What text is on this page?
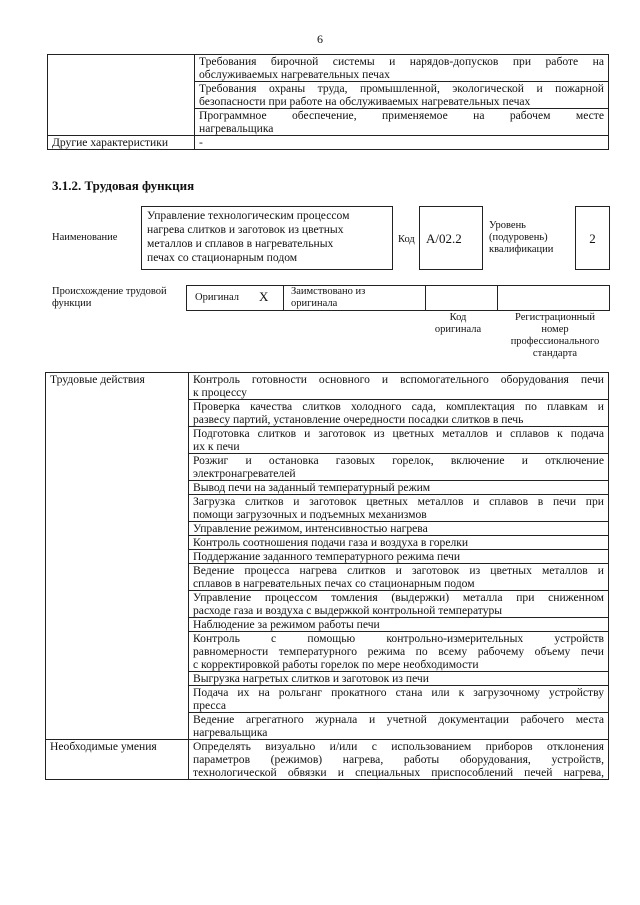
6

	Требования бирочной системы и нарядов-допусков при работе на
обслуживаемых нагревательных печах

	Требования охраны труда, промышленной, экологической и пожарной
безопасности при работе на обслуживаемых нагревательных печах

	Программное обеспечение, применяемое на рабочем месте
нагревальщика
Другие характеристики	-
3.1.2. Трудовая функция
Наименование
Управление технологическим процессом
нагрева слитков и заготовок из цветных
металлов и сплавов в нагревательных
печах со стационарным подом
Код A/02.2
Уровень
(подуровень)
квалификации
2
Происхождение трудовой
функции
Оригинал X Заимствовано из
оригинала
Код
оригинала
Регистрационный
номер
профессионального
стандарта
Трудовые действия	Контроль готовности основного и вспомогательного оборудования печи
к процессу

	Проверка качества слитков холодного сада, комплектация по плавкам и
развесу партий, установление очередности посадки слитков в печь

	Подготовка слитков и заготовок из цветных металлов и сплавов к подача
их к печи

	Розжиг и остановка газовых горелок, включение и отключение
электронагревателей
	Вывод печи на заданный температурный режим

	Загрузка слитков и заготовок цветных металлов и сплавов в печи при
помощи загрузочных и подъемных механизмов
	Управление режимом, интенсивностью нагрева
	Контроль соотношения подачи газа и воздуха в горелки
	Поддержание заданного температурного режима печи

	Ведение процесса нагрева слитков и заготовок из цветных металлов и
сплавов в нагревательных печах со стационарным подом

	Управление процессом томления (выдержки) металла при сниженном
расходе газа и воздуха с выдержкой контрольной температуры
	Наблюдение за режимом работы печи

	Контроль с помощью контрольно-измерительных устройств
равномерности температурного режима по всему рабочему объему печи
с корректировкой работы горелок по мере необходимости
	Выгрузка нагретых слитков и заготовок из печи

	Подача их на рольганг прокатного стана или к загрузочному устройству
пресса

	Ведение агрегатного журнала и учетной документации рабочего места
нагревальщика
Необходимые умения	Определять визуально и/или с использованием приборов отклонения
параметров (режимов) нагрева, работы оборудования, устройств,
технологической обвязки и специальных приспособлений печей нагрева,
